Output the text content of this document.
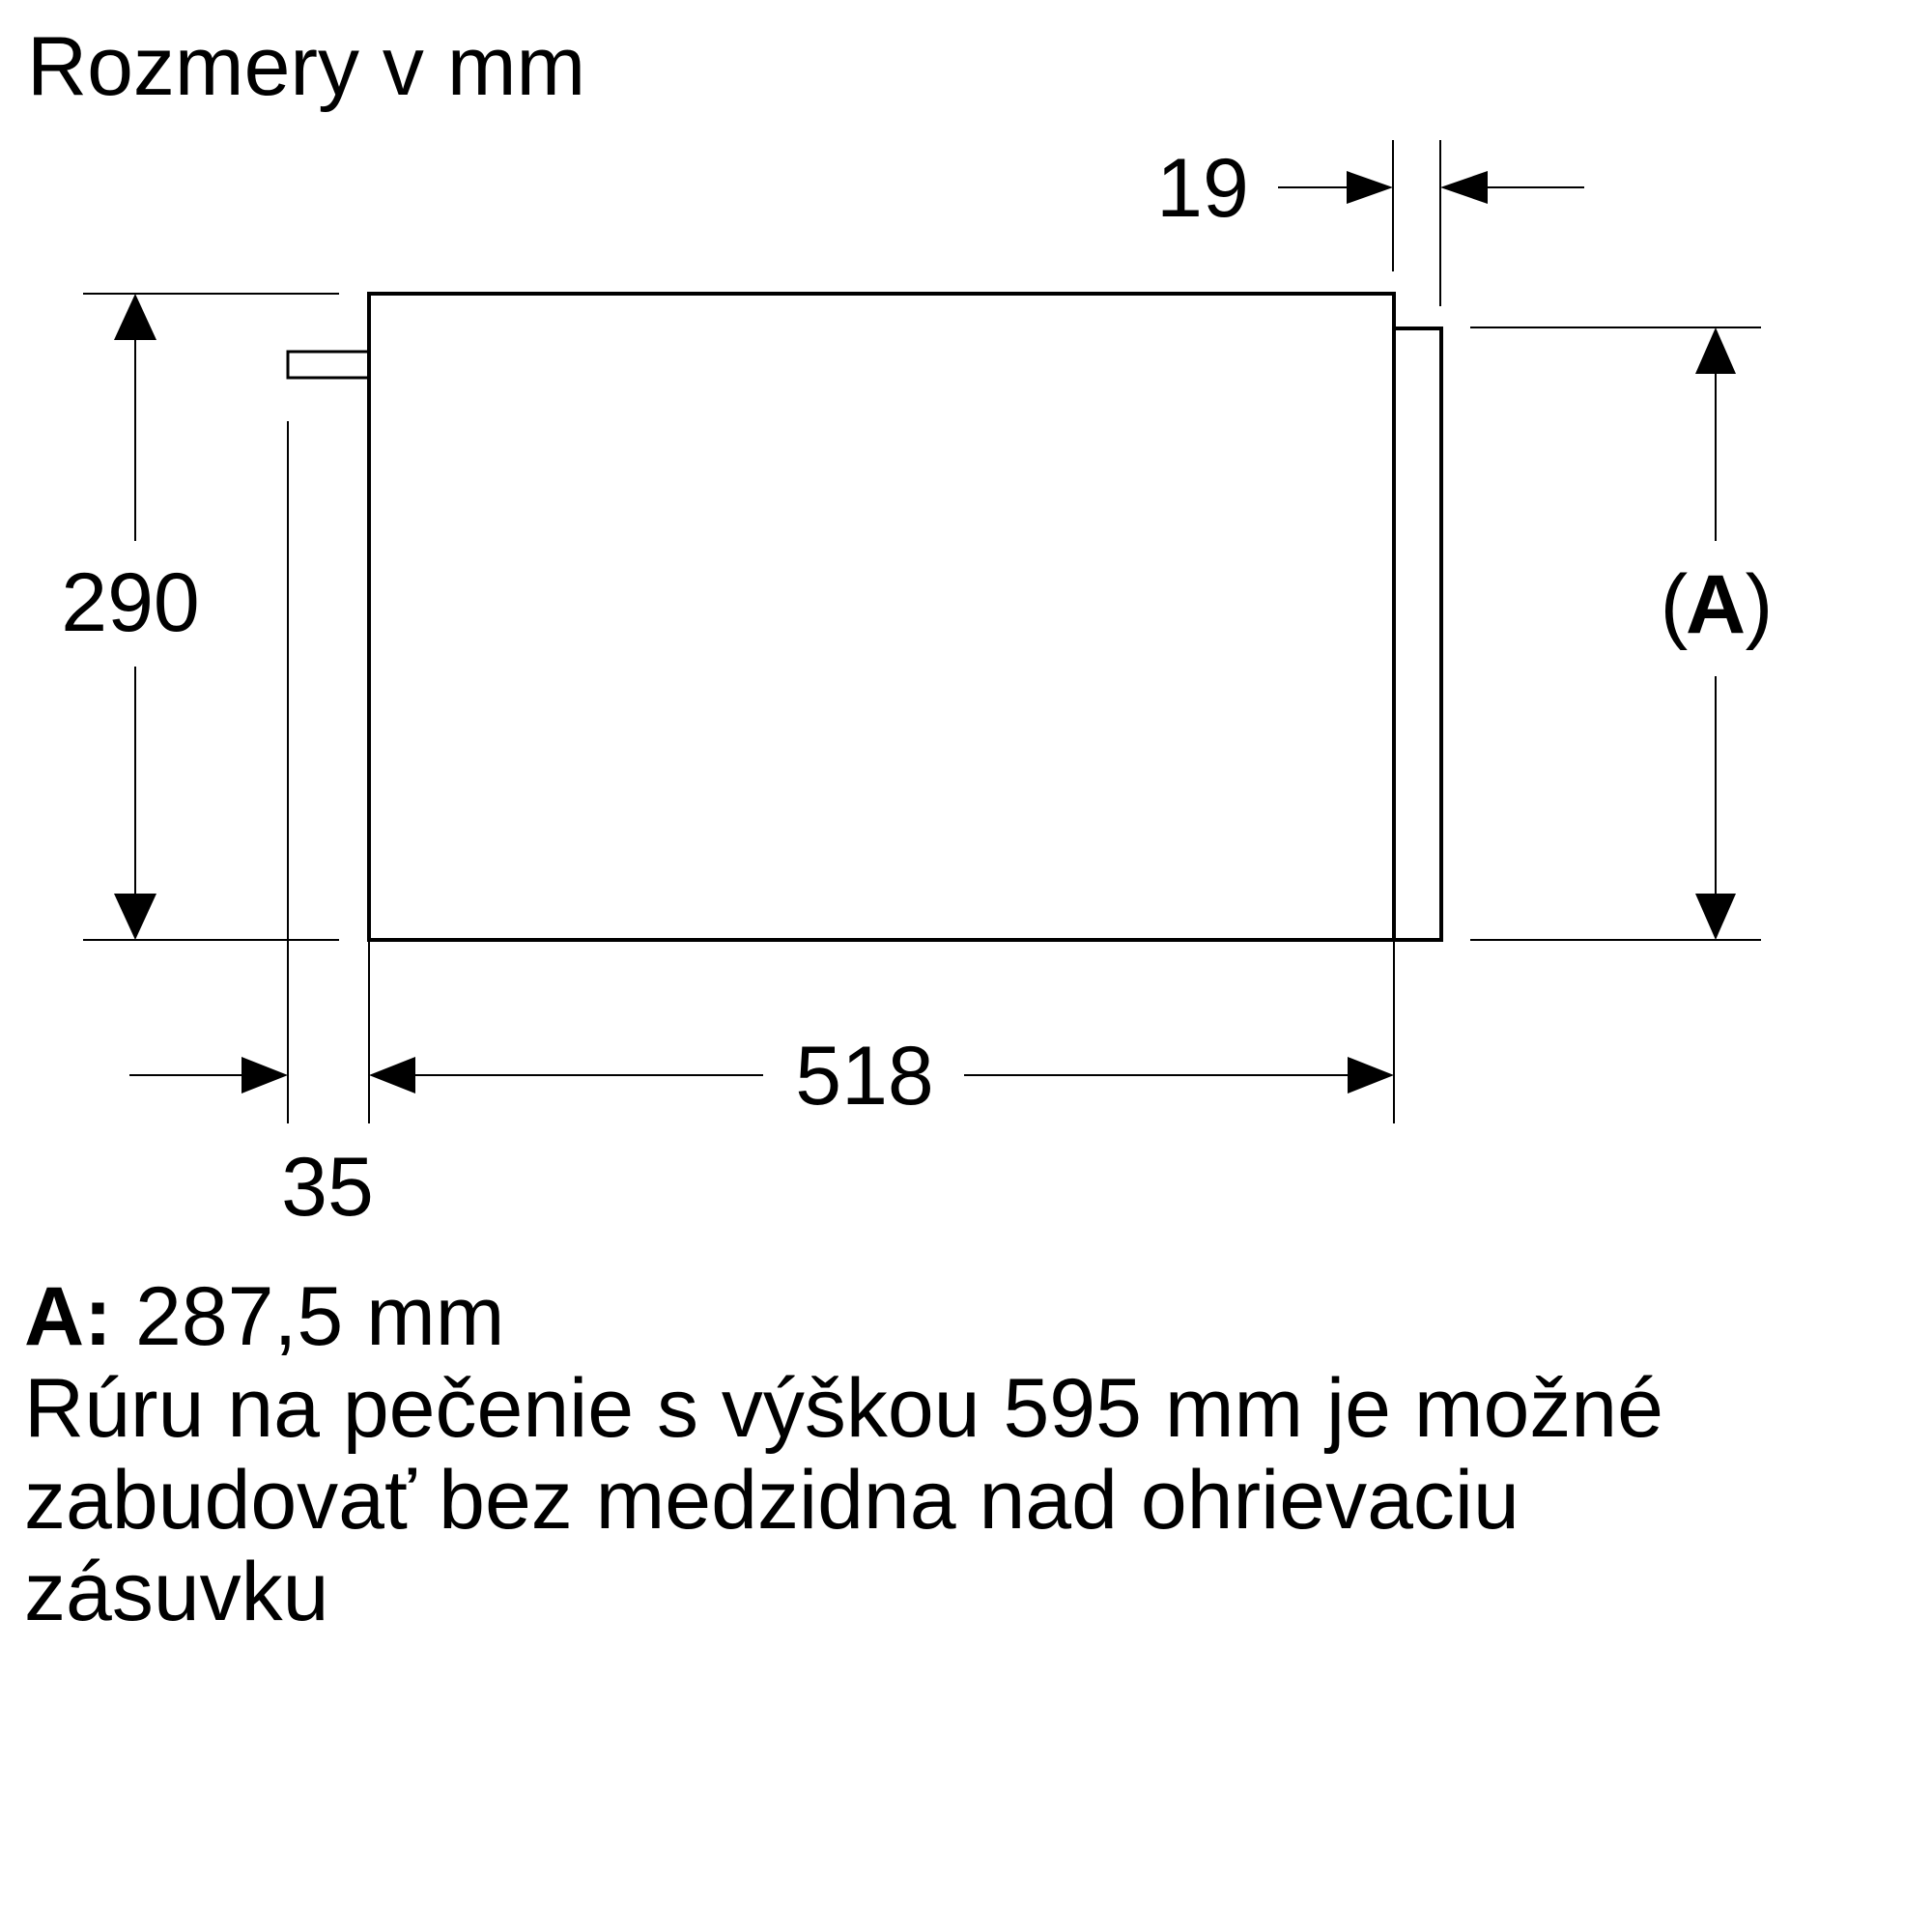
Rozmery v mm
19
290	(
A )
518
35
A: 287,5 mm
Rúru na pečenie s výškou 595 mm je možné
zabudovať bez medzidna nad ohrievaciu
zásuvku
